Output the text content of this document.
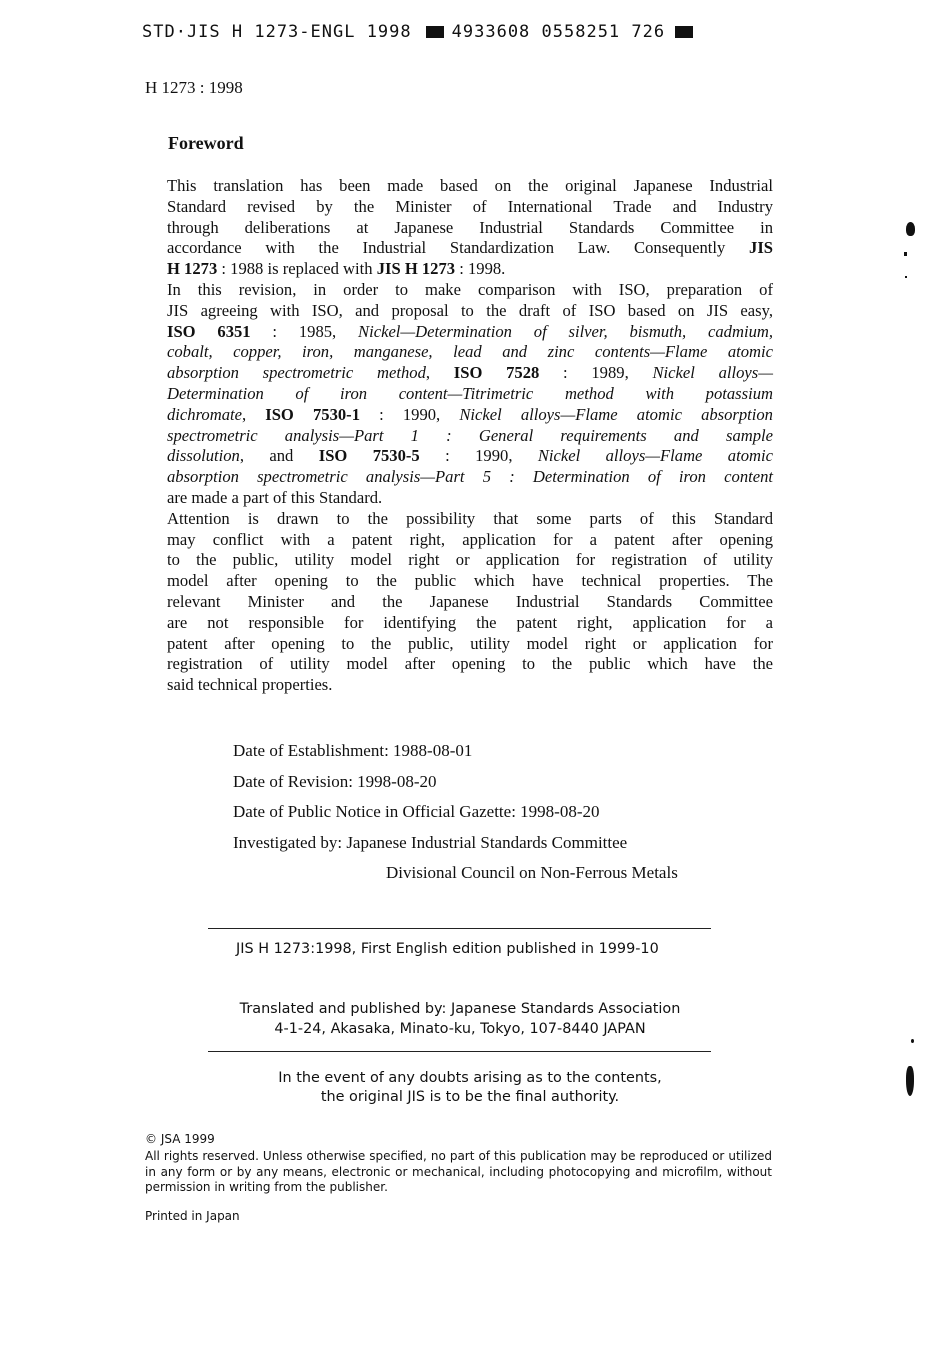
STD·JIS H 1273-ENGL 1998 4933608 0558251 726
H 1273 : 1998
Foreword
This translation has been made based on the original Japanese Industrial
Standard revised by the Minister of International Trade and Industry
through deliberations at Japanese Industrial Standards Committee in
accordance with the Industrial Standardization Law. Consequently JIS
H 1273 : 1988 is replaced with JIS H 1273 : 1998.
In this revision, in order to make comparison with ISO, preparation of
JIS agreeing with ISO, and proposal to the draft of ISO based on JIS easy,
ISO 6351 : 1985, Nickel—Determination of silver, bismuth, cadmium,
cobalt, copper, iron, manganese, lead and zinc contents—Flame atomic
absorption spectrometric method, ISO 7528 : 1989, Nickel alloys—
Determination of iron content—Titrimetric method with potassium
dichromate, ISO 7530-1 : 1990, Nickel alloys—Flame atomic absorption
spectrometric analysis—Part 1 : General requirements and sample
dissolution, and ISO 7530-5 : 1990, Nickel alloys—Flame atomic
absorption spectrometric analysis—Part 5 : Determination of iron content
are made a part of this Standard.
Attention is drawn to the possibility that some parts of this Standard
may conflict with a patent right, application for a patent after opening
to the public, utility model right or application for registration of utility
model after opening to the public which have technical properties. The
relevant Minister and the Japanese Industrial Standards Committee
are not responsible for identifying the patent right, application for a
patent after opening to the public, utility model right or application for
registration of utility model after opening to the public which have the
said technical properties.
Date of Establishment: 1988-08-01
Date of Revision: 1998-08-20
Date of Public Notice in Official Gazette: 1998-08-20
Investigated by: Japanese Industrial Standards Committee
Divisional Council on Non-Ferrous Metals
JIS H 1273:1998, First English edition published in 1999-10
Translated and published by: Japanese Standards Association
4-1-24, Akasaka, Minato-ku, Tokyo, 107-8440 JAPAN
In the event of any doubts arising as to the contents,
the original JIS is to be the final authority.
© JSA 1999
All rights reserved. Unless otherwise specified, no part of this publication may be reproduced or utilized in any form or by any means, electronic or mechanical, including photocopying and microfilm, without permission in writing from the publisher.
Printed in Japan
